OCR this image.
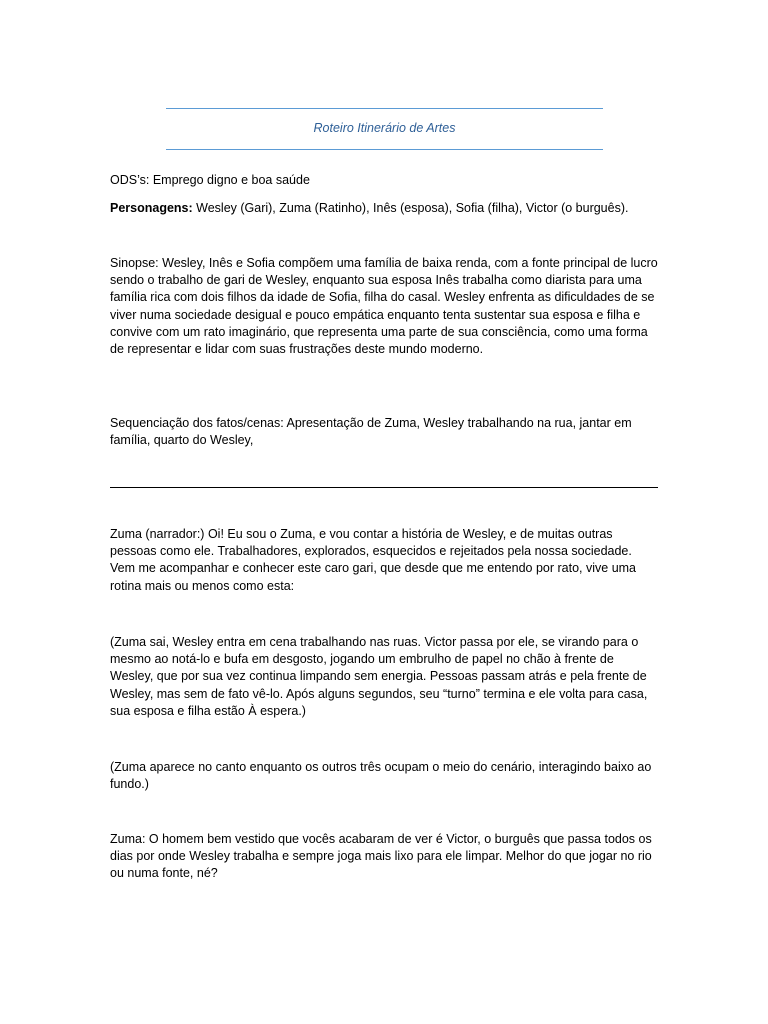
Roteiro Itinerário de Artes

ODS’s: Emprego digno e boa saúde

Personagens: Wesley (Gari), Zuma (Ratinho), Inês (esposa), Sofia (filha), Victor (o burguês).

Sinopse: Wesley, Inês e Sofia compõem uma família de baixa renda, com a fonte principal de lucro sendo o trabalho de gari de Wesley, enquanto sua esposa Inês trabalha como diarista para uma família rica com dois filhos da idade de Sofia, filha do casal. Wesley enfrenta as dificuldades de se viver numa sociedade desigual e pouco empática enquanto tenta sustentar sua esposa e filha e convive com um rato imaginário, que representa uma parte de sua consciência, como uma forma de representar e lidar com suas frustrações deste mundo moderno.

Sequenciação dos fatos/cenas: Apresentação de Zuma, Wesley trabalhando na rua, jantar em família, quarto do Wesley,

Zuma (narrador:) Oi! Eu sou o Zuma, e vou contar a história de Wesley, e de muitas outras pessoas como ele. Trabalhadores, explorados, esquecidos e rejeitados pela nossa sociedade. Vem me acompanhar e conhecer este caro gari, que desde que me entendo por rato, vive uma rotina mais ou menos como esta:

(Zuma sai, Wesley entra em cena trabalhando nas ruas. Victor passa por ele, se virando para o mesmo ao notá-lo e bufa em desgosto, jogando um embrulho de papel no chão à frente de Wesley, que por sua vez continua limpando sem energia. Pessoas passam atrás e pela frente de Wesley, mas sem de fato vê-lo. Após alguns segundos, seu “turno” termina e ele volta para casa, sua esposa e filha estão À espera.)

(Zuma aparece no canto enquanto os outros três ocupam o meio do cenário, interagindo baixo ao fundo.)

Zuma: O homem bem vestido que vocês acabaram de ver é Victor, o burguês que passa todos os dias por onde Wesley trabalha e sempre joga mais lixo para ele limpar. Melhor do que jogar no rio ou numa fonte, né?
